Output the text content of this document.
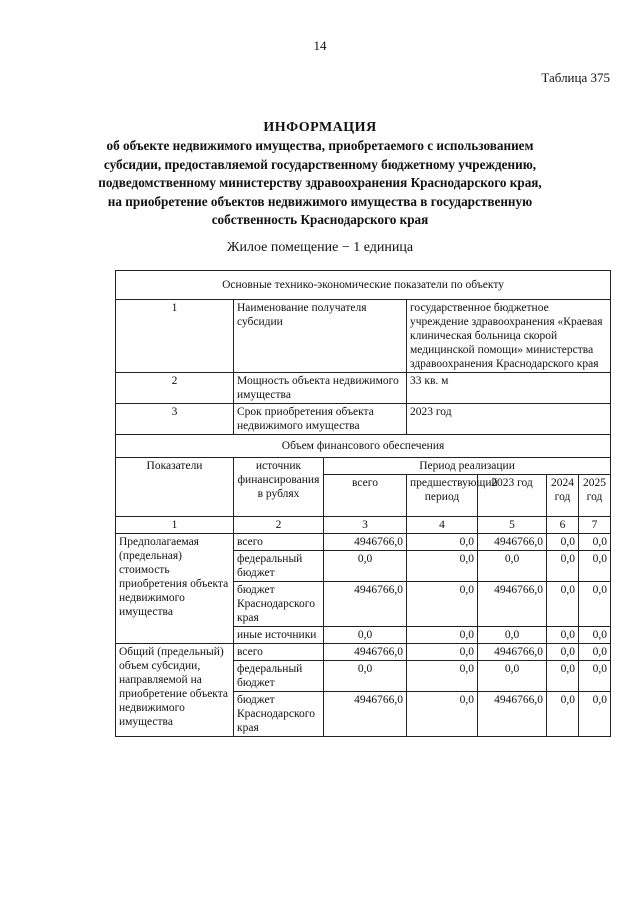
14
Таблица 375
ИНФОРМАЦИЯ
об объекте недвижимого имущества, приобретаемого с использованием субсидии, предоставляемой государственному бюджетному учреждению, подведомственному министерству здравоохранения Краснодарского края, на приобретение объектов недвижимого имущества в государственную собственность Краснодарского края
Жилое помещение − 1 единица
Основные технико-экономические показатели по объекту						
1	Наименование получателя субсидии		государственное бюджетное учреждение здравоохранения «Краевая клиническая больница скорой медицинской помощи» министерства здравоохранения Краснодарского края			
2	Мощность объекта недвижимого имущества		33 кв. м			
3	Срок приобретения объекта недвижимого имущества		2023 год			
Объем финансового обеспечения						
Показатели	источник финансирования в рублях	Период реализации				
		всего	предшествующий период	2023 год	2024 год	2025 год
1	2	3	4	5	6	7
Предполагаемая (предельная) стоимость приобретения объекта недвижимого имущества	всего	4946766,0	0,0	4946766,0	0,0	0,0
	федеральный бюджет	0,0	0,0	0,0	0,0	0,0
	бюджет Краснодарского края	4946766,0	0,0	4946766,0	0,0	0,0
	иные источники	0,0	0,0	0,0	0,0	0,0
Общий (предельный) объем субсидии, направляемой на приобретение объекта недвижимого имущества	всего	4946766,0	0,0	4946766,0	0,0	0,0
	федеральный бюджет	0,0	0,0	0,0	0,0	0,0
	бюджет Краснодарского края	4946766,0	0,0	4946766,0	0,0	0,0
